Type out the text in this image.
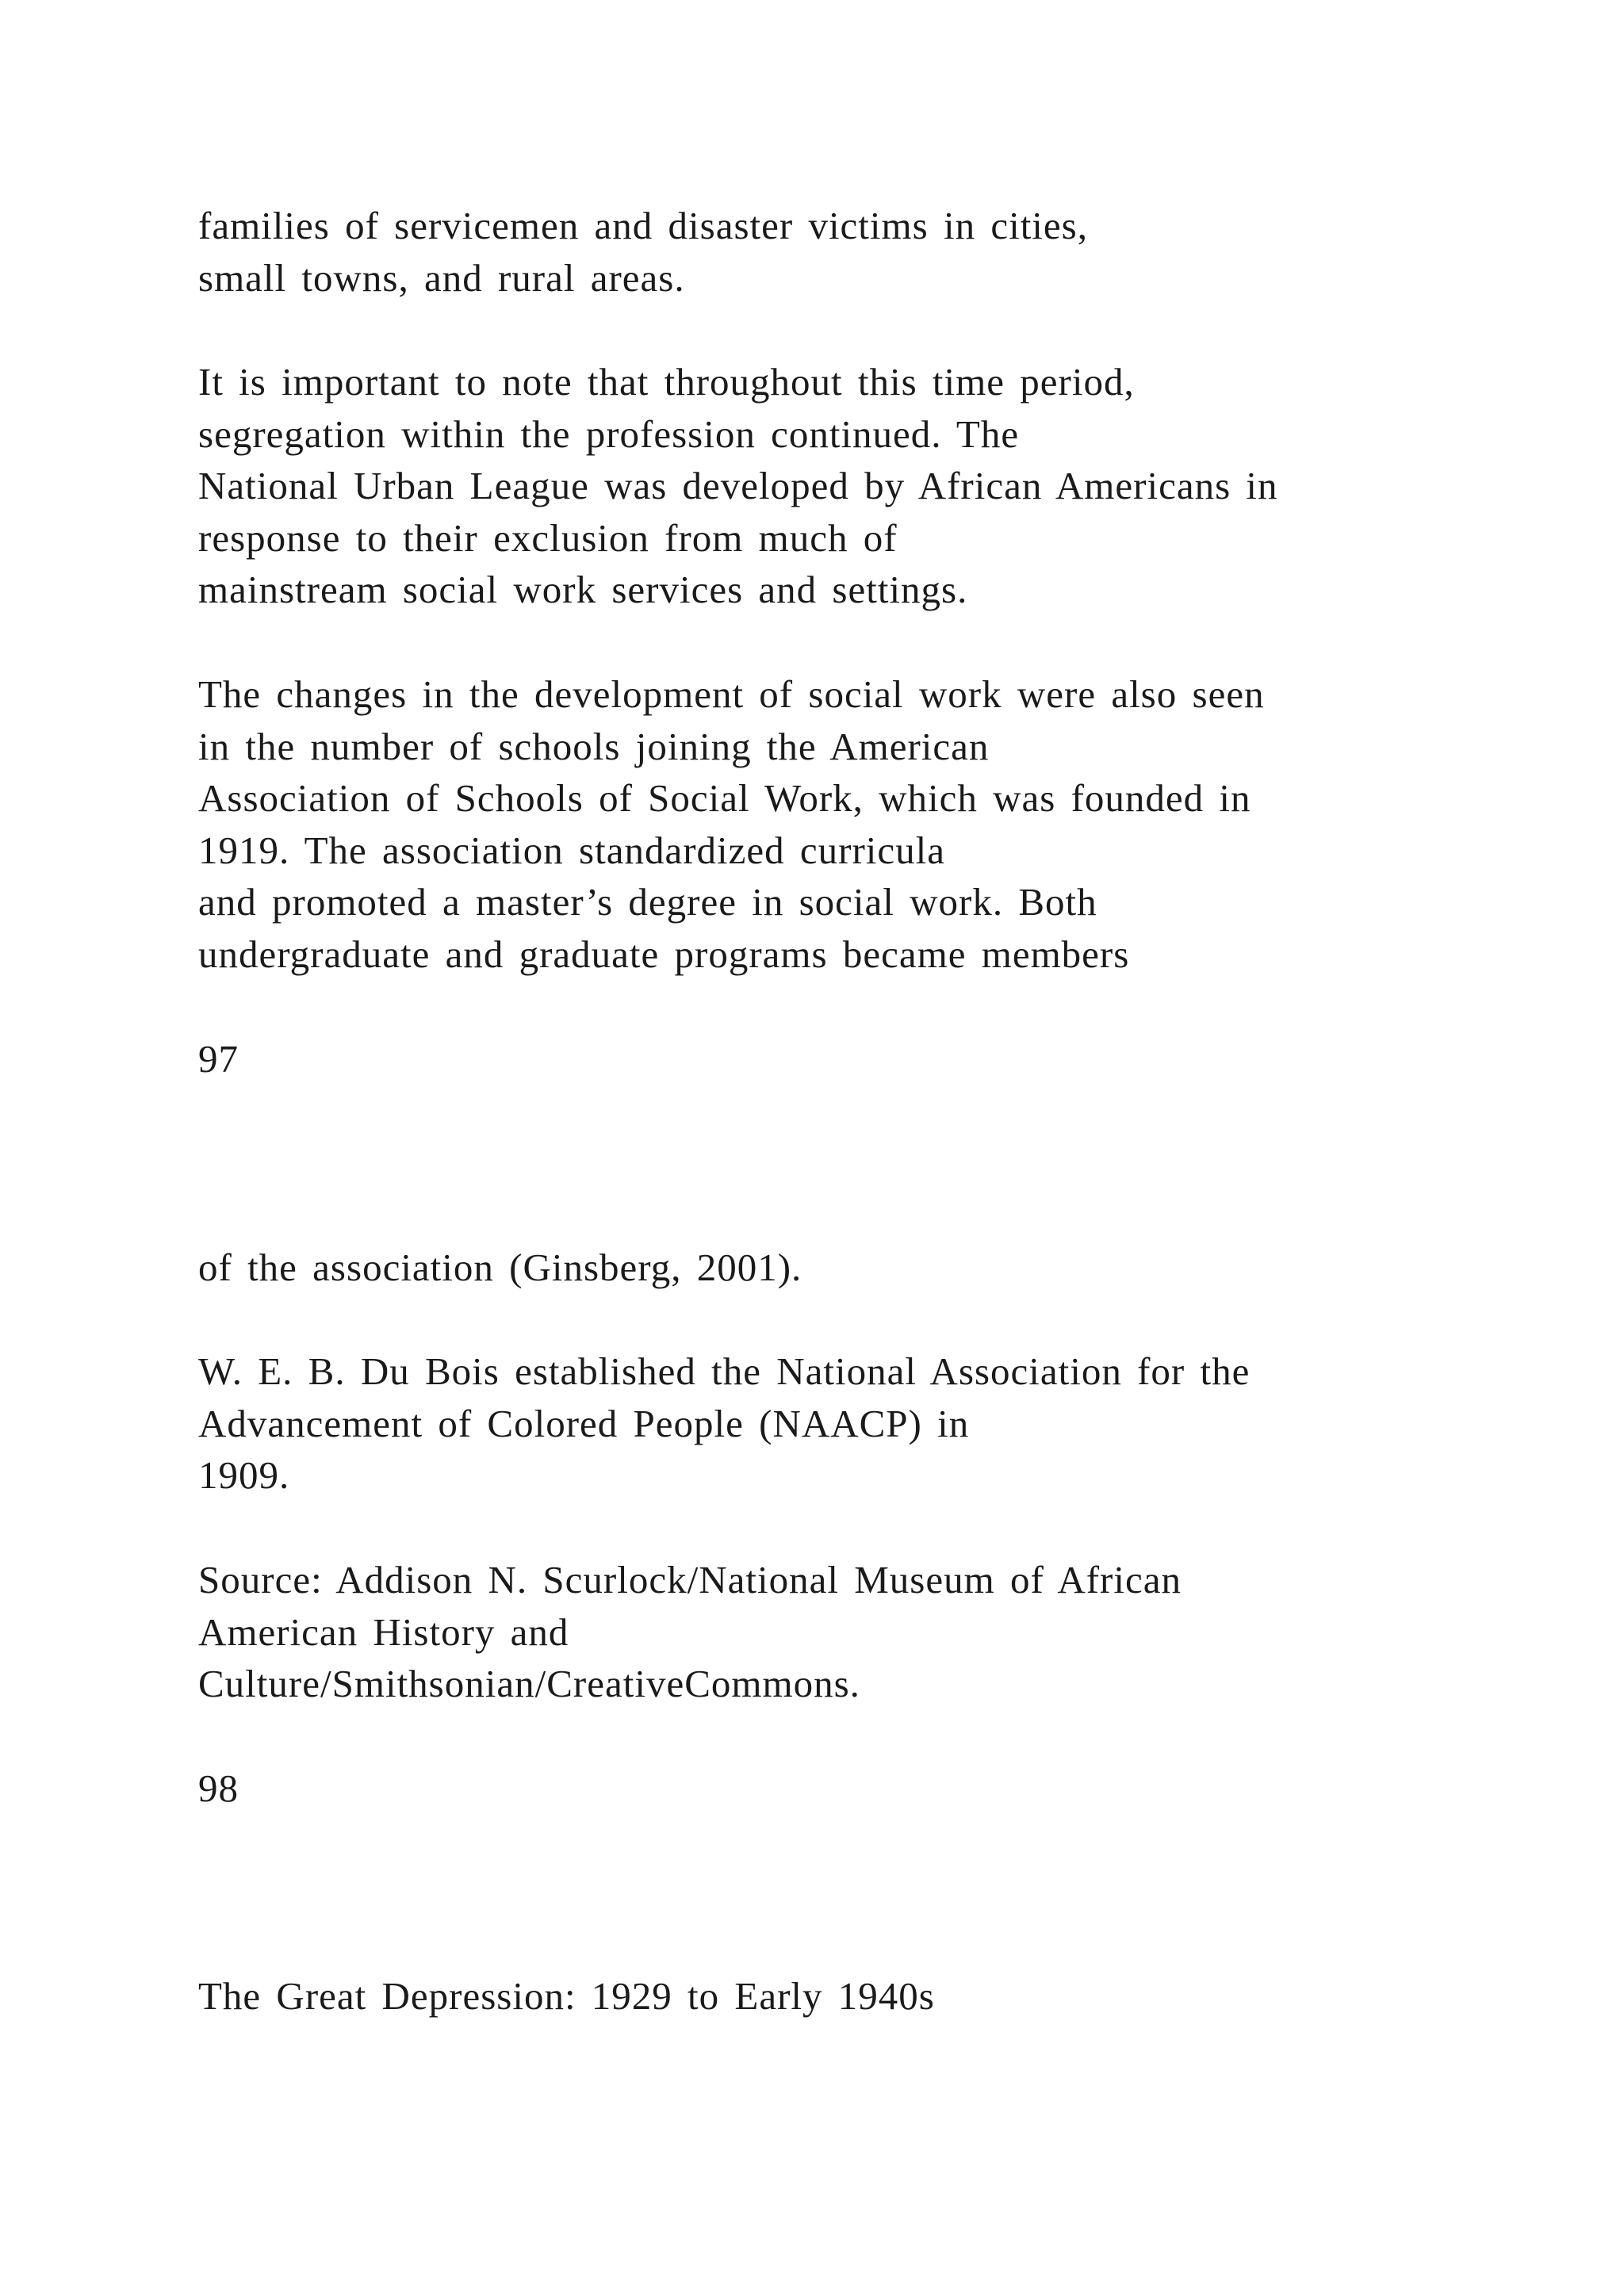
families of servicemen and disaster victims in cities,
small towns, and rural areas.
It is important to note that throughout this time period,
segregation within the profession continued. The
National Urban League was developed by African Americans in
response to their exclusion from much of
mainstream social work services and settings.
The changes in the development of social work were also seen
in the number of schools joining the American
Association of Schools of Social Work, which was founded in
1919. The association standardized curricula
and promoted a master’s degree in social work. Both
undergraduate and graduate programs became members
97
of the association (Ginsberg, 2001).
W. E. B. Du Bois established the National Association for the
Advancement of Colored People (NAACP) in
1909.
Source: Addison N. Scurlock/National Museum of African
American History and
Culture/Smithsonian/CreativeCommons.
98
The Great Depression: 1929 to Early 1940s
